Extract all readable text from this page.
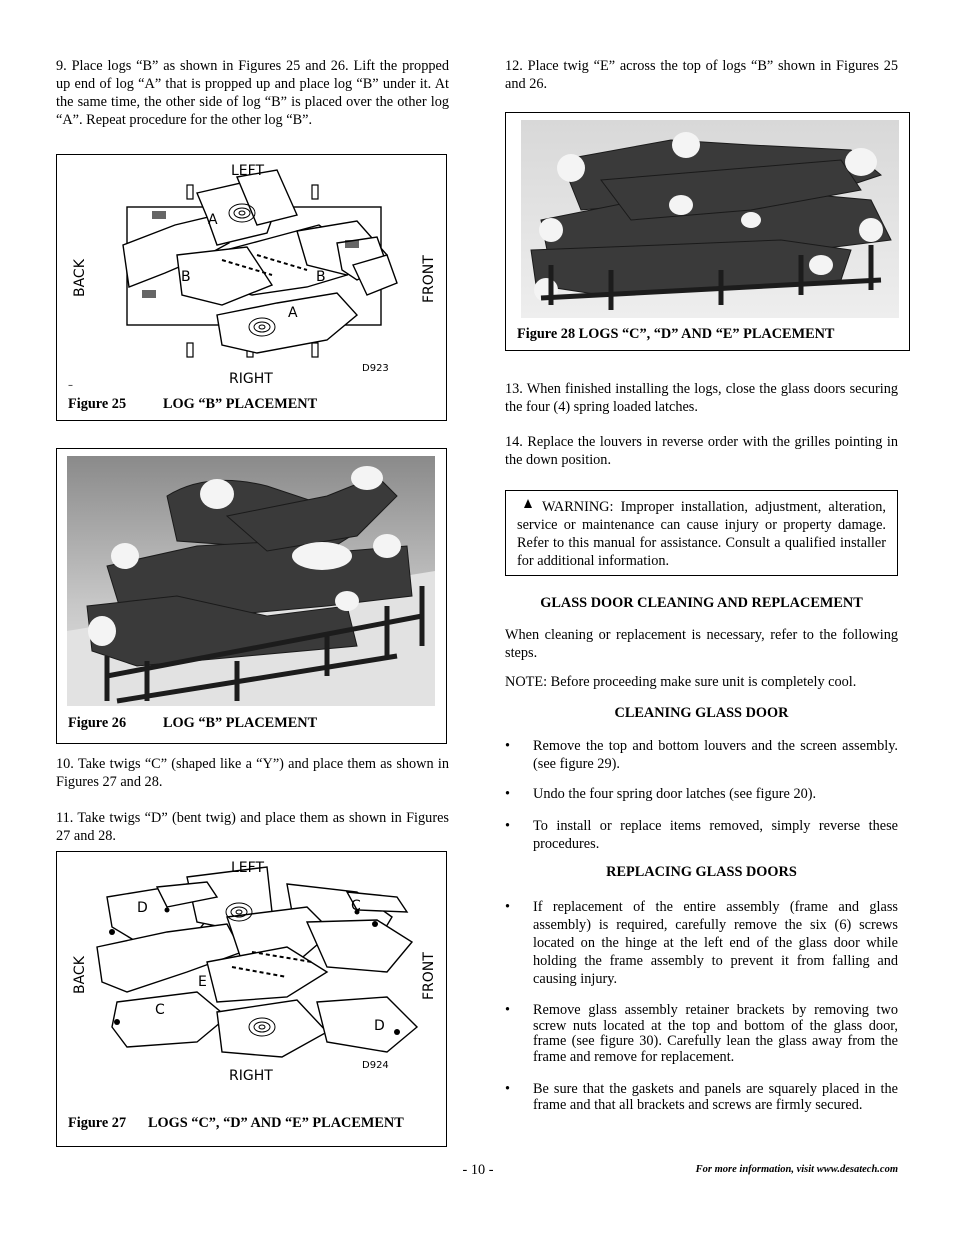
9. Place logs “B” as shown in Figures 25 and 26. Lift the propped up end of log “A” that is propped up and place log “B” under it. At the same time, the other side of log “B” is placed over the other log “A”. Repeat procedure for the other log “B”.

LEFT
RIGHT
BACK	FRONT
A
A
B	B
D923
–
Figure 25	LOG “B” PLACEMENT
Figure 26	LOG “B” PLACEMENT

10. Take twigs “C” (shaped like a “Y”) and place them as shown in Figures 27 and 28.

11. Take twigs “D” (bent twig) and place them as shown in Figures 27 and 28.

LEFT
RIGHT
BACK	FRONT
D	C
E
C
D
D924
Figure 27 LOGS “C”, “D” AND “E” PLACEMENT

12. Place twig “E” across the top of logs “B” shown in Figures 25 and 26.

Figure 28 LOGS “C”, “D” AND “E” PLACEMENT

13. When finished installing the logs, close the glass doors securing the four (4) spring loaded latches.

14. Replace the louvers in reverse order with the grilles pointing in the down position.

WARNING: Improper installation, adjustment, alteration, service or maintenance can cause injury or property damage. Refer to this manual for assistance. Consult a qualified installer for additional information.

GLASS DOOR CLEANING AND REPLACEMENT

When cleaning or replacement is necessary, refer to the following steps.

NOTE: Before proceeding make sure unit is completely cool.

CLEANING GLASS DOOR
• Remove the top and bottom louvers and the screen assembly. (see figure 29).
• Undo the four spring door latches (see figure 20).
• To install or replace items removed, simply reverse these procedures.
REPLACING GLASS DOORS
• If replacement of the entire assembly (frame and glass assembly) is required, carefully remove the six (6) screws located on the hinge at the left end of the glass door while holding the frame assembly to prevent it from falling and causing injury.
• Remove glass assembly retainer brackets by removing two screw nuts located at the top and bottom of the glass door, frame (see figure 30). Carefully lean the glass away from the frame and remove for replacement.
• Be sure that the gaskets and panels are squarely placed in the frame and that all brackets and screws are firmly secured.
- 10 -	For more information, visit www.desatech.com
